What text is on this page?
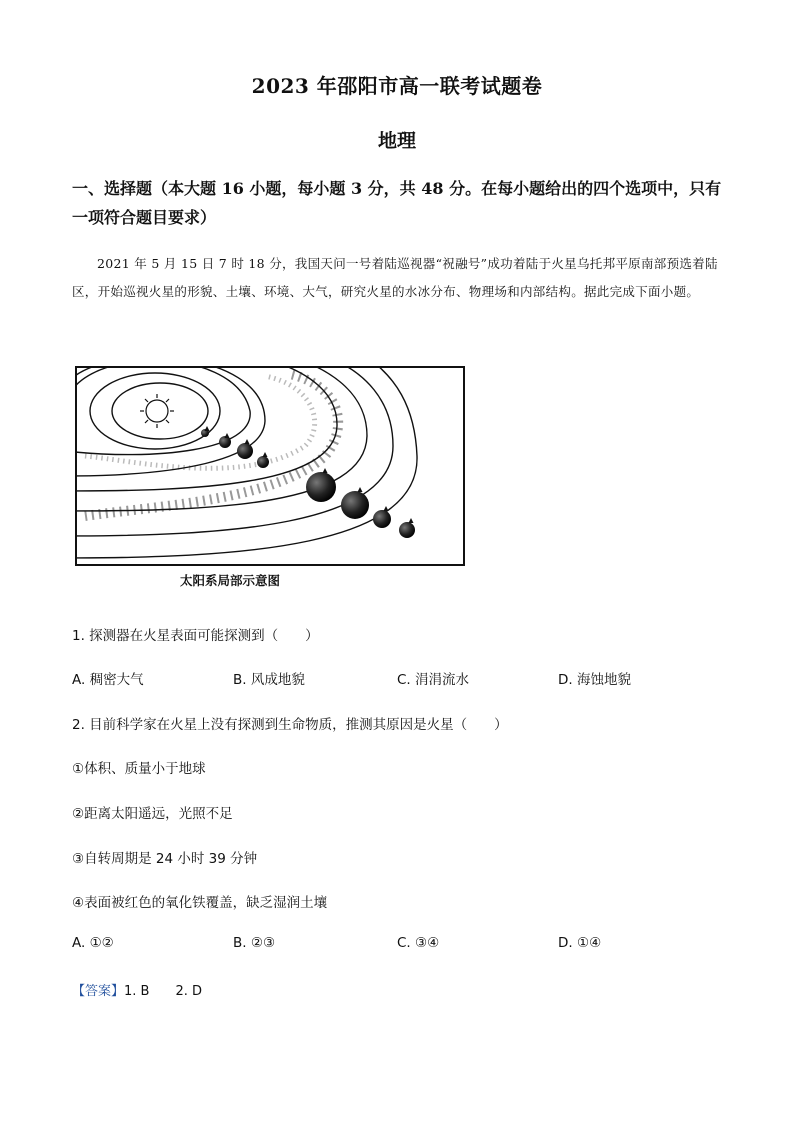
2023 年邵阳市高一联考试题卷
地理
一、选择题（本大题 16 小题，每小题 3 分，共 48 分。在每小题给出的四个选项中，只有一项符合题目要求）
2021 年 5 月 15 日 7 时 18 分，我国天问一号着陆巡视器“祝融号”成功着陆于火星乌托邦平原南部预选着陆区，开始巡视火星的形貌、土壤、环境、大气，研究火星的水冰分布、物理场和内部结构。据此完成下面小题。
太阳系局部示意图
1. 探测器在火星表面可能探测到（　　）
A. 稠密大气	B. 风成地貌	C. 涓涓流水	D. 海蚀地貌
2. 目前科学家在火星上没有探测到生命物质，推测其原因是火星（　　）
①体积、质量小于地球
②距离太阳遥远，光照不足
③自转周期是 24 小时 39 分钟
④表面被红色的氧化铁覆盖，缺乏湿润土壤
A. ①②	B. ②③	C. ③④	D. ①④
【答案】1. B　　2. D
